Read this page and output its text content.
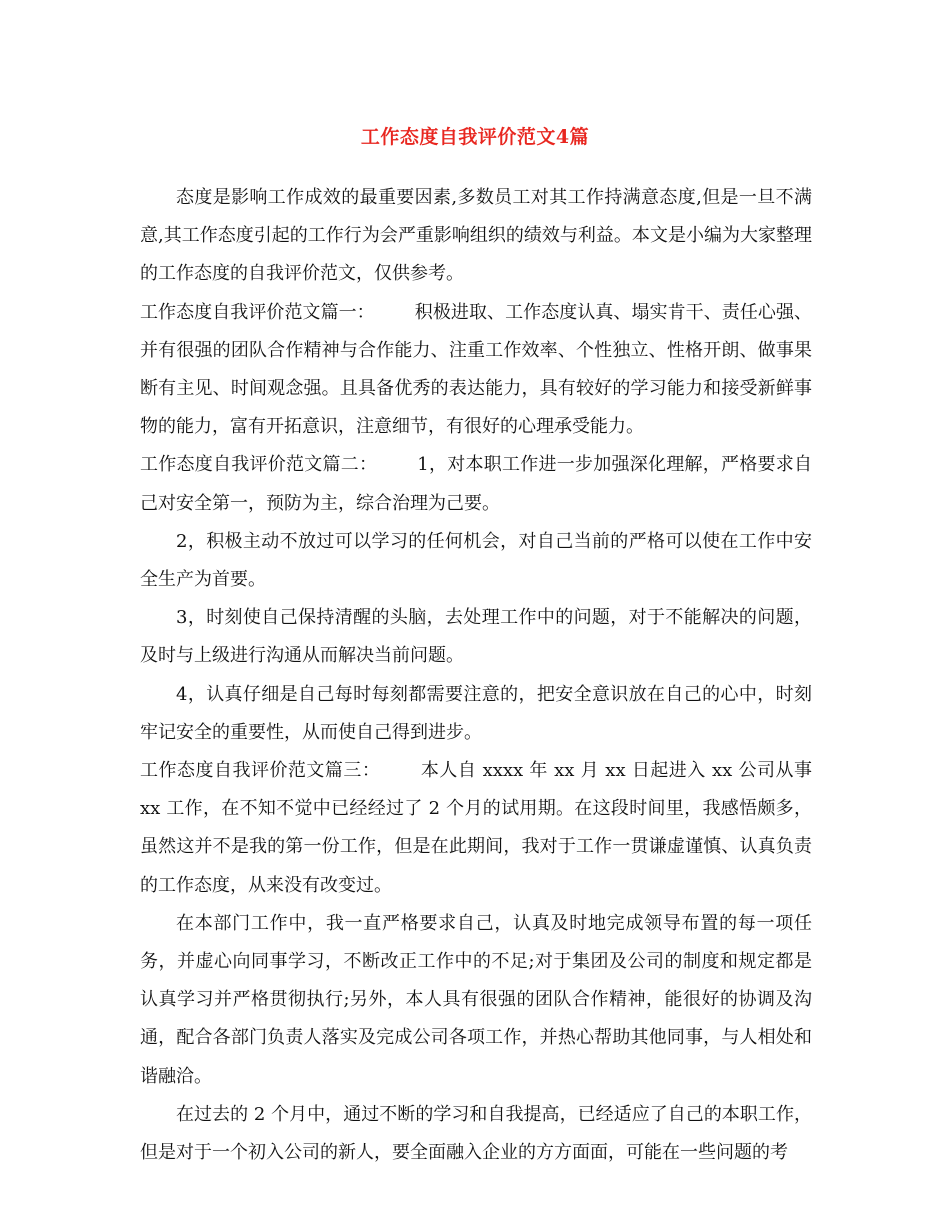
工作态度自我评价范文4篇

态度是影响工作成效的最重要因素,多数员工对其工作持满意态度,但是一旦不满意,其工作态度引起的工作行为会严重影响组织的绩效与利益。本文是小编为大家整理的工作态度的自我评价范文，仅供参考。

工作态度自我评价范文篇一： 积极进取、工作态度认真、塌实肯干、责任心强、并有很强的团队合作精神与合作能力、注重工作效率、个性独立、性格开朗、做事果断有主见、时间观念强。且具备优秀的表达能力，具有较好的学习能力和接受新鲜事物的能力，富有开拓意识，注意细节，有很好的心理承受能力。

工作态度自我评价范文篇二： 1，对本职工作进一步加强深化理解，严格要求自己对安全第一，预防为主，综合治理为己要。

2，积极主动不放过可以学习的任何机会，对自己当前的严格可以使在工作中安全生产为首要。

3，时刻使自己保持清醒的头脑，去处理工作中的问题，对于不能解决的问题，及时与上级进行沟通从而解决当前问题。

4，认真仔细是自己每时每刻都需要注意的，把安全意识放在自己的心中，时刻牢记安全的重要性，从而使自己得到进步。

工作态度自我评价范文篇三： 本人自 xxxx 年 xx 月 xx 日起进入 xx 公司从事 xx 工作，在不知不觉中已经经过了 2 个月的试用期。在这段时间里，我感悟颇多，虽然这并不是我的第一份工作，但是在此期间，我对于工作一贯谦虚谨慎、认真负责的工作态度，从来没有改变过。

在本部门工作中，我一直严格要求自己，认真及时地完成领导布置的每一项任务，并虚心向同事学习，不断改正工作中的不足;对于集团及公司的制度和规定都是认真学习并严格贯彻执行;另外，本人具有很强的团队合作精神，能很好的协调及沟通，配合各部门负责人落实及完成公司各项工作，并热心帮助其他同事，与人相处和谐融洽。

在过去的 2 个月中，通过不断的学习和自我提高，已经适应了自己的本职工作，但是对于一个初入公司的新人，要全面融入企业的方方面面，可能在一些问题的考
